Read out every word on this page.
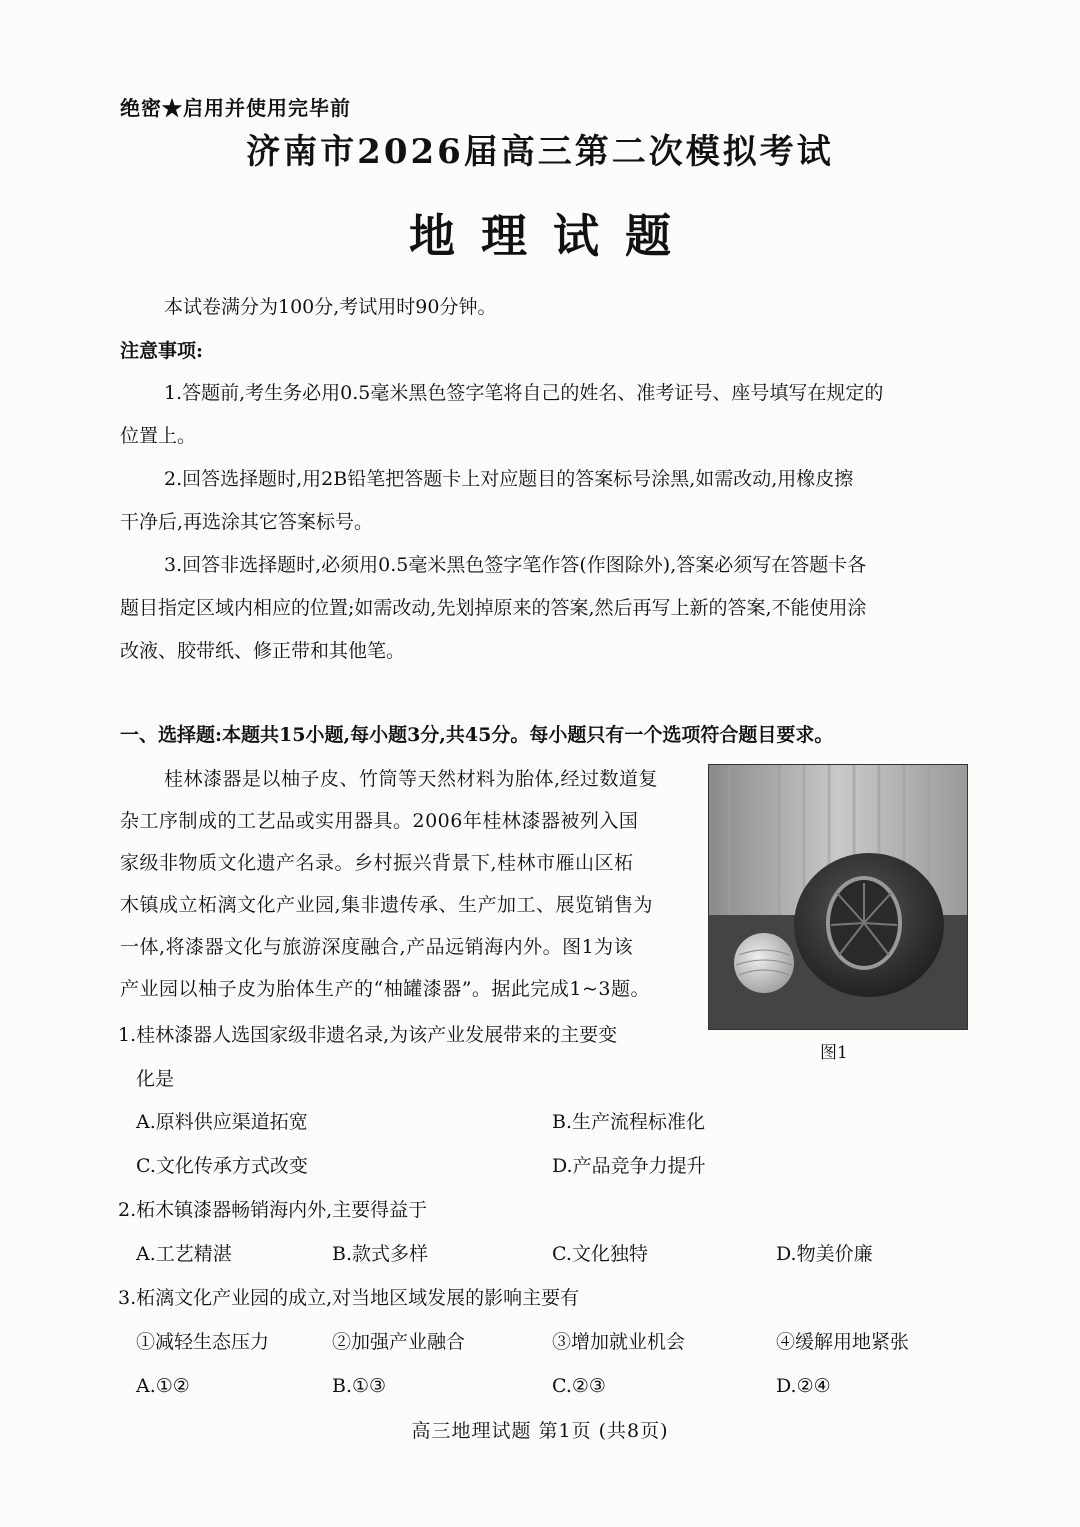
绝密★启用并使用完毕前
济南市2026届高三第二次模拟考试
地理试题
本试卷满分为100分,考试用时90分钟。
注意事项:
1.答题前,考生务必用0.5毫米黑色签字笔将自己的姓名、准考证号、座号填写在规定的
位置上。
2.回答选择题时,用2B铅笔把答题卡上对应题目的答案标号涂黑,如需改动,用橡皮擦
干净后,再选涂其它答案标号。
3.回答非选择题时,必须用0.5毫米黑色签字笔作答(作图除外),答案必须写在答题卡各
题目指定区域内相应的位置;如需改动,先划掉原来的答案,然后再写上新的答案,不能使用涂
改液、胶带纸、修正带和其他笔。
一、选择题:本题共15小题,每小题3分,共45分。每小题只有一个选项符合题目要求。
桂林漆器是以柚子皮、竹筒等天然材料为胎体,经过数道复
杂工序制成的工艺品或实用器具。2006年桂林漆器被列入国
家级非物质文化遗产名录。乡村振兴背景下,桂林市雁山区柘
木镇成立柘漓文化产业园,集非遗传承、生产加工、展览销售为
一体,将漆器文化与旅游深度融合,产品远销海内外。图1为该
产业园以柚子皮为胎体生产的“柚罐漆器”。据此完成1~3题。
图1
1.桂林漆器人选国家级非遗名录,为该产业发展带来的主要变
化是
A.原料供应渠道拓宽	B.生产流程标准化
C.文化传承方式改变	D.产品竞争力提升
2.柘木镇漆器畅销海内外,主要得益于
A.工艺精湛	B.款式多样	C.文化独特	D.物美价廉
3.柘漓文化产业园的成立,对当地区域发展的影响主要有
①减轻生态压力	②加强产业融合	③增加就业机会	④缓解用地紧张
A.①②	B.①③	C.②③	D.②④
高三地理试题 第1页 (共8页)
